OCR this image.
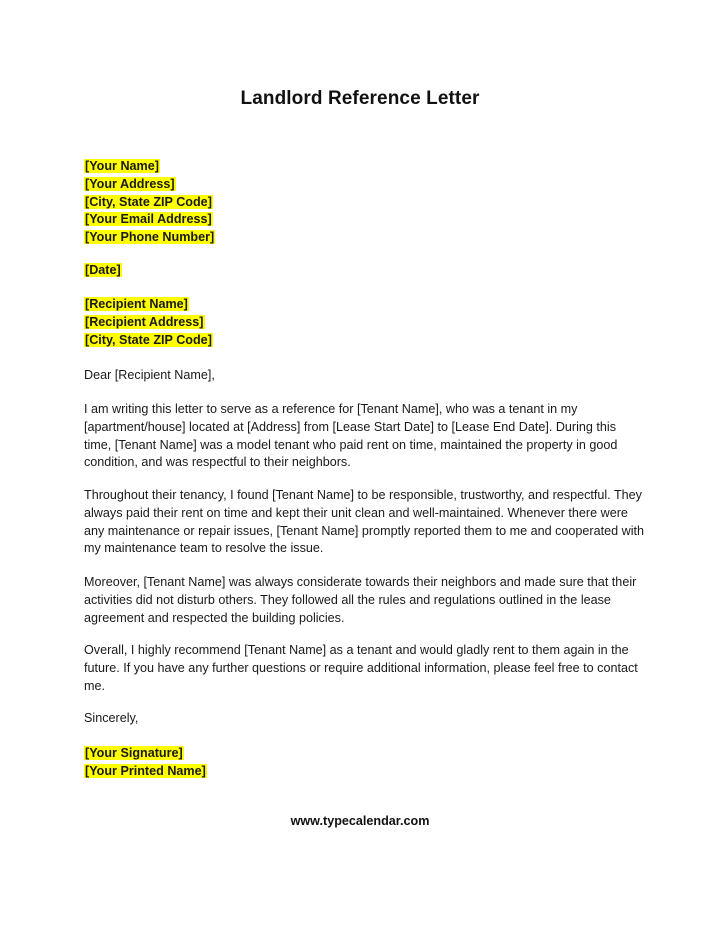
Landlord Reference Letter
[Your Name]
[Your Address]
[City, State ZIP Code]
[Your Email Address]
[Your Phone Number]
[Date]
[Recipient Name]
[Recipient Address]
[City, State ZIP Code]

Dear [Recipient Name],

I am writing this letter to serve as a reference for [Tenant Name], who was a tenant in my [apartment/house] located at [Address] from [Lease Start Date] to [Lease End Date]. During this time, [Tenant Name] was a model tenant who paid rent on time, maintained the property in good condition, and was respectful to their neighbors.

Throughout their tenancy, I found [Tenant Name] to be responsible, trustworthy, and respectful. They always paid their rent on time and kept their unit clean and well-maintained. Whenever there were any maintenance or repair issues, [Tenant Name] promptly reported them to me and cooperated with my maintenance team to resolve the issue.

Moreover, [Tenant Name] was always considerate towards their neighbors and made sure that their activities did not disturb others. They followed all the rules and regulations outlined in the lease agreement and respected the building policies.

Overall, I highly recommend [Tenant Name] as a tenant and would gladly rent to them again in the future. If you have any further questions or require additional information, please feel free to contact me.

Sincerely,

[Your Signature]
[Your Printed Name]
www.typecalendar.com
